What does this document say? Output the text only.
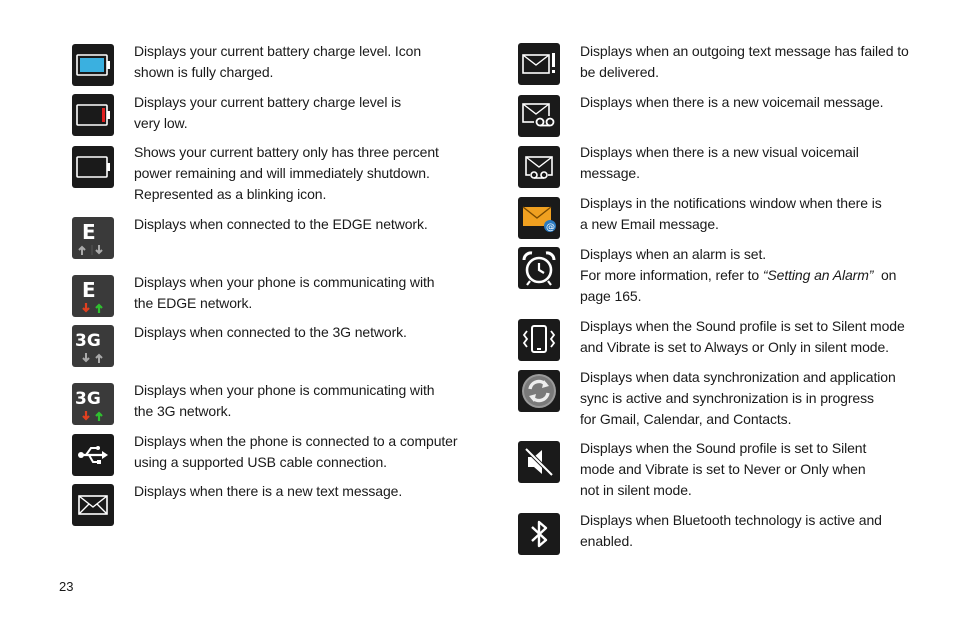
Displays your current battery charge level. Icon
shown is fully charged.
Displays your current battery charge level is
very low.
Shows your current battery only has three percent
power remaining and will immediately shutdown.
Represented as a blinking icon.
E	Displays when connected to the EDGE network.
E	Displays when your phone is communicating with
the EDGE network.
3G Displays when connected to the 3G network.
3G Displays when your phone is communicating with
the 3G network.
Displays when the phone is connected to a computer
using a supported USB cable connection.
Displays when there is a new text message.
Displays when an outgoing text message has failed to
be delivered.
Displays when there is a new voicemail message.
Displays when there is a new visual voicemail
message.
@
Displays in the notifications window when there is
a new Email message.
Displays when an alarm is set.
For more information, refer to “Setting an Alarm”  on
page 165.
Displays when the Sound profile is set to Silent mode
and Vibrate is set to Always or Only in silent mode.
Displays when data synchronization and application
sync is active and synchronization is in progress
for Gmail, Calendar, and Contacts.
Displays when the Sound profile is set to Silent
mode and Vibrate is set to Never or Only when
not in silent mode.
Displays when Bluetooth technology is active and
enabled.
23
